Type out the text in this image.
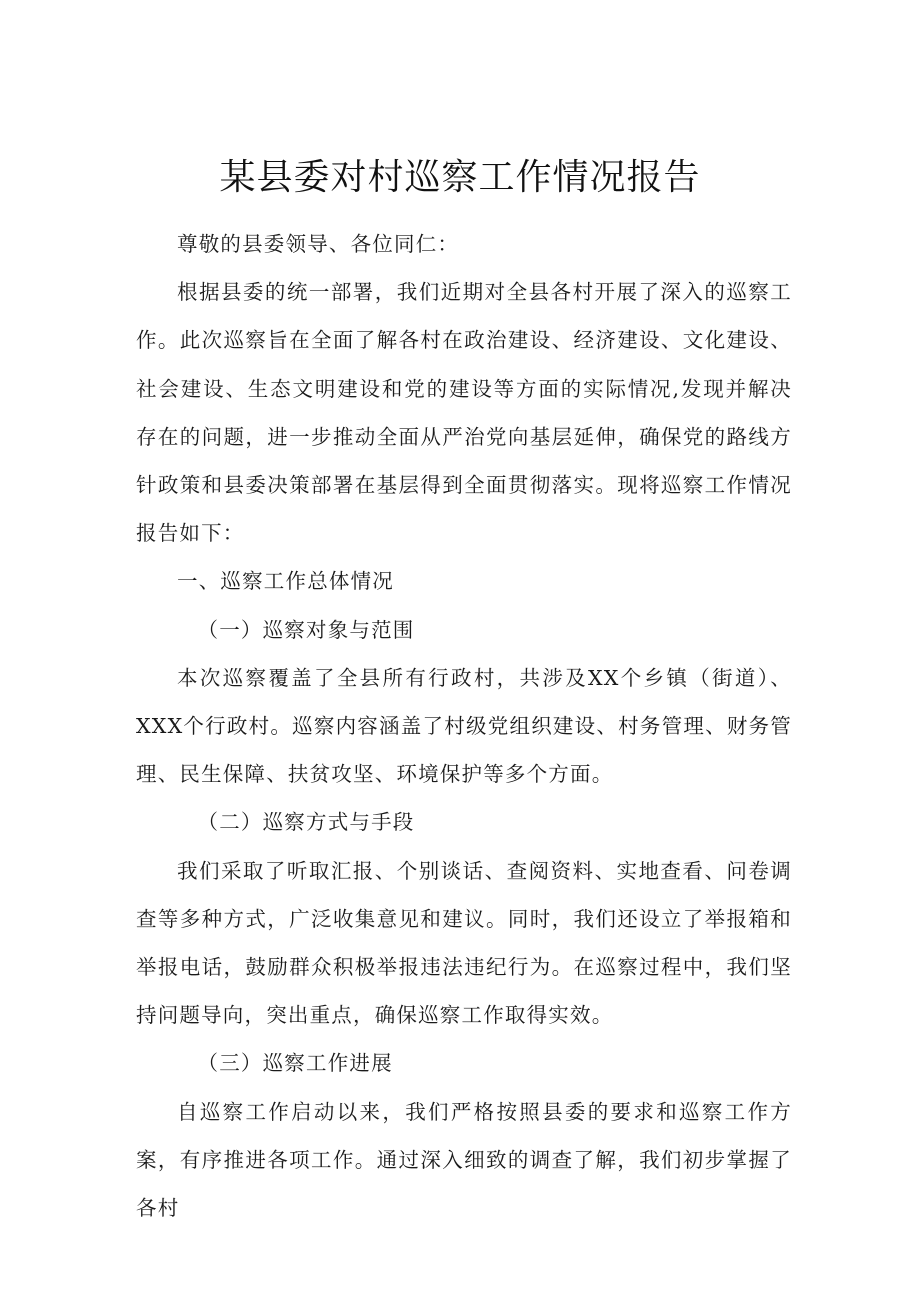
某县委对村巡察工作情况报告

尊敬的县委领导、各位同仁：

根据县委的统一部署，我们近期对全县各村开展了深入的巡察工作。此次巡察旨在全面了解各村在政治建设、经济建设、文化建设、社会建设、生态文明建设和党的建设等方面的实际情况,发现并解决存在的问题，进一步推动全面从严治党向基层延伸，确保党的路线方针政策和县委决策部署在基层得到全面贯彻落实。现将巡察工作情况报告如下：

一、巡察工作总体情况

（一）巡察对象与范围

本次巡察覆盖了全县所有行政村，共涉及XX个乡镇（街道）、XXX个行政村。巡察内容涵盖了村级党组织建设、村务管理、财务管理、民生保障、扶贫攻坚、环境保护等多个方面。

（二）巡察方式与手段

我们采取了听取汇报、个别谈话、查阅资料、实地查看、问卷调查等多种方式，广泛收集意见和建议。同时，我们还设立了举报箱和举报电话，鼓励群众积极举报违法违纪行为。在巡察过程中，我们坚持问题导向，突出重点，确保巡察工作取得实效。

（三）巡察工作进展

自巡察工作启动以来，我们严格按照县委的要求和巡察工作方案，有序推进各项工作。通过深入细致的调查了解，我们初步掌握了各村
